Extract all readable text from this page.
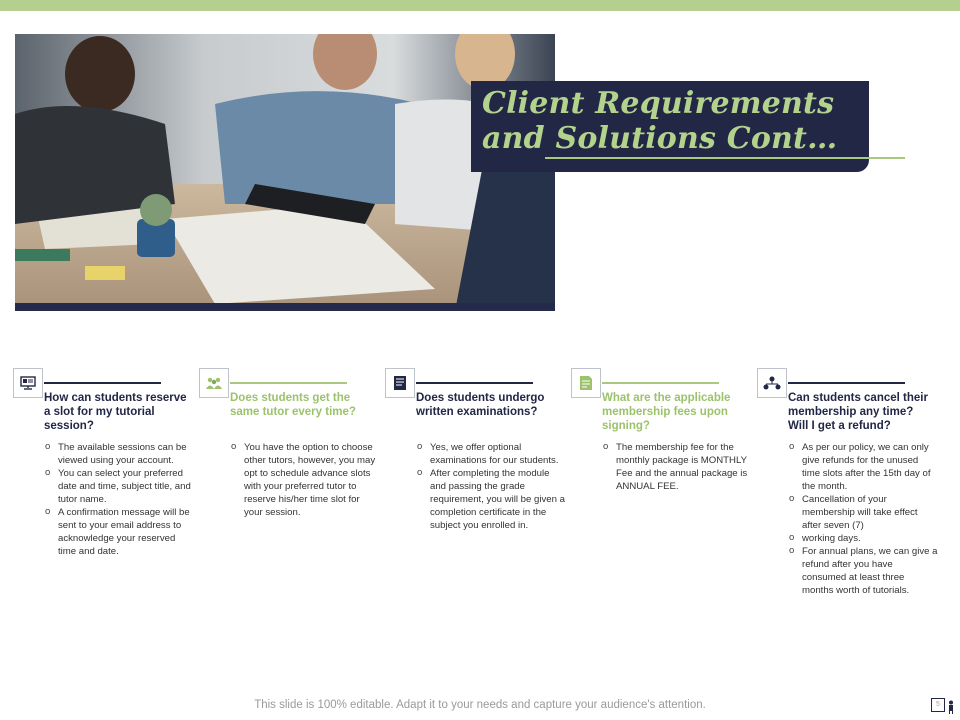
Client Requirements and Solutions Cont…
How can students reserve a slot for my tutorial session?
o The available sessions can be viewed using your account.
o You can select your preferred date and time, subject title, and tutor name.
o A confirmation message will be sent to your email address to acknowledge your reserved time and date.
Does students get the same tutor every time?
o You have the option to choose other tutors, however, you may opt to schedule advance slots with your preferred tutor to reserve his/her time slot for your session.
Does students undergo written examinations?
o Yes, we offer optional examinations for our students.
o After completing the module and passing the grade requirement, you will be given a completion certificate in the subject you enrolled in.
What are the applicable membership fees upon signing?
o The membership fee for the monthly package is MONTHLY Fee and the annual package is ANNUAL FEE.
Can students cancel their membership any time? Will I get a refund?
o As per our policy, we can only give refunds for the unused time slots after the 15th day of the month.
o Cancellation of your membership will take effect after seven (7)
o working days.
o For annual plans, we can give a refund after you have consumed at least three months worth of tutorials.
This slide is 100% editable. Adapt it to your needs and capture your audience's attention.	5
